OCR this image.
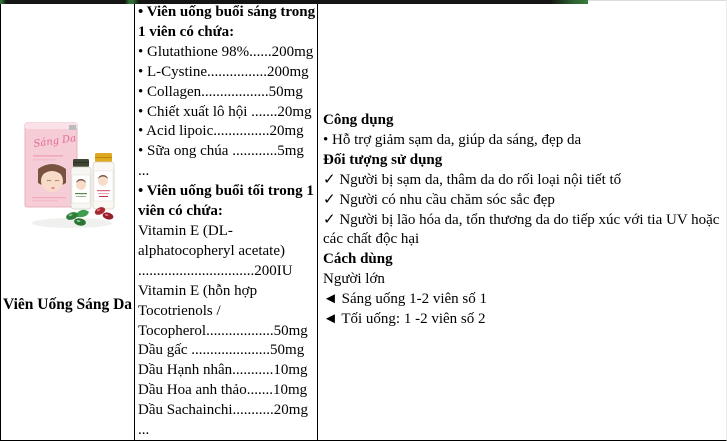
Sáng Da
Viên Uống Sáng Da
• Viên uống buổi sáng trong
1 viên có chứa:
• Glutathione 98%......200mg
• L-Cystine................200mg
• Collagen..................50mg
• Chiết xuất lô hội .......20mg
• Acid lipoic...............20mg
• Sữa ong chúa ............5mg
...
• Viên uống buổi tối trong 1
viên có chứa:
Vitamin E (DL-
alphatocopheryl acetate)
...............................200IU
Vitamin E (hỗn hợp
Tocotrienols /
Tocopherol..................50mg
Dầu gấc .....................50mg
Dầu Hạnh nhân...........10mg
Dầu Hoa anh thảo.......10mg
Dầu Sachainchi...........20mg
...
Công dụng
• Hỗ trợ giảm sạm da, giúp da sáng, đẹp da
Đối tượng sử dụng
✓ Người bị sạm da, thâm da do rối loại nội tiết tố
✓ Người có nhu cầu chăm sóc sắc đẹp
✓ Người bị lão hóa da, tổn thương da do tiếp xúc với tia UV hoặc
các chất độc hại
Cách dùng
Người lớn
◄ Sáng uống 1-2 viên số 1
◄ Tối uống: 1 -2 viên số 2
